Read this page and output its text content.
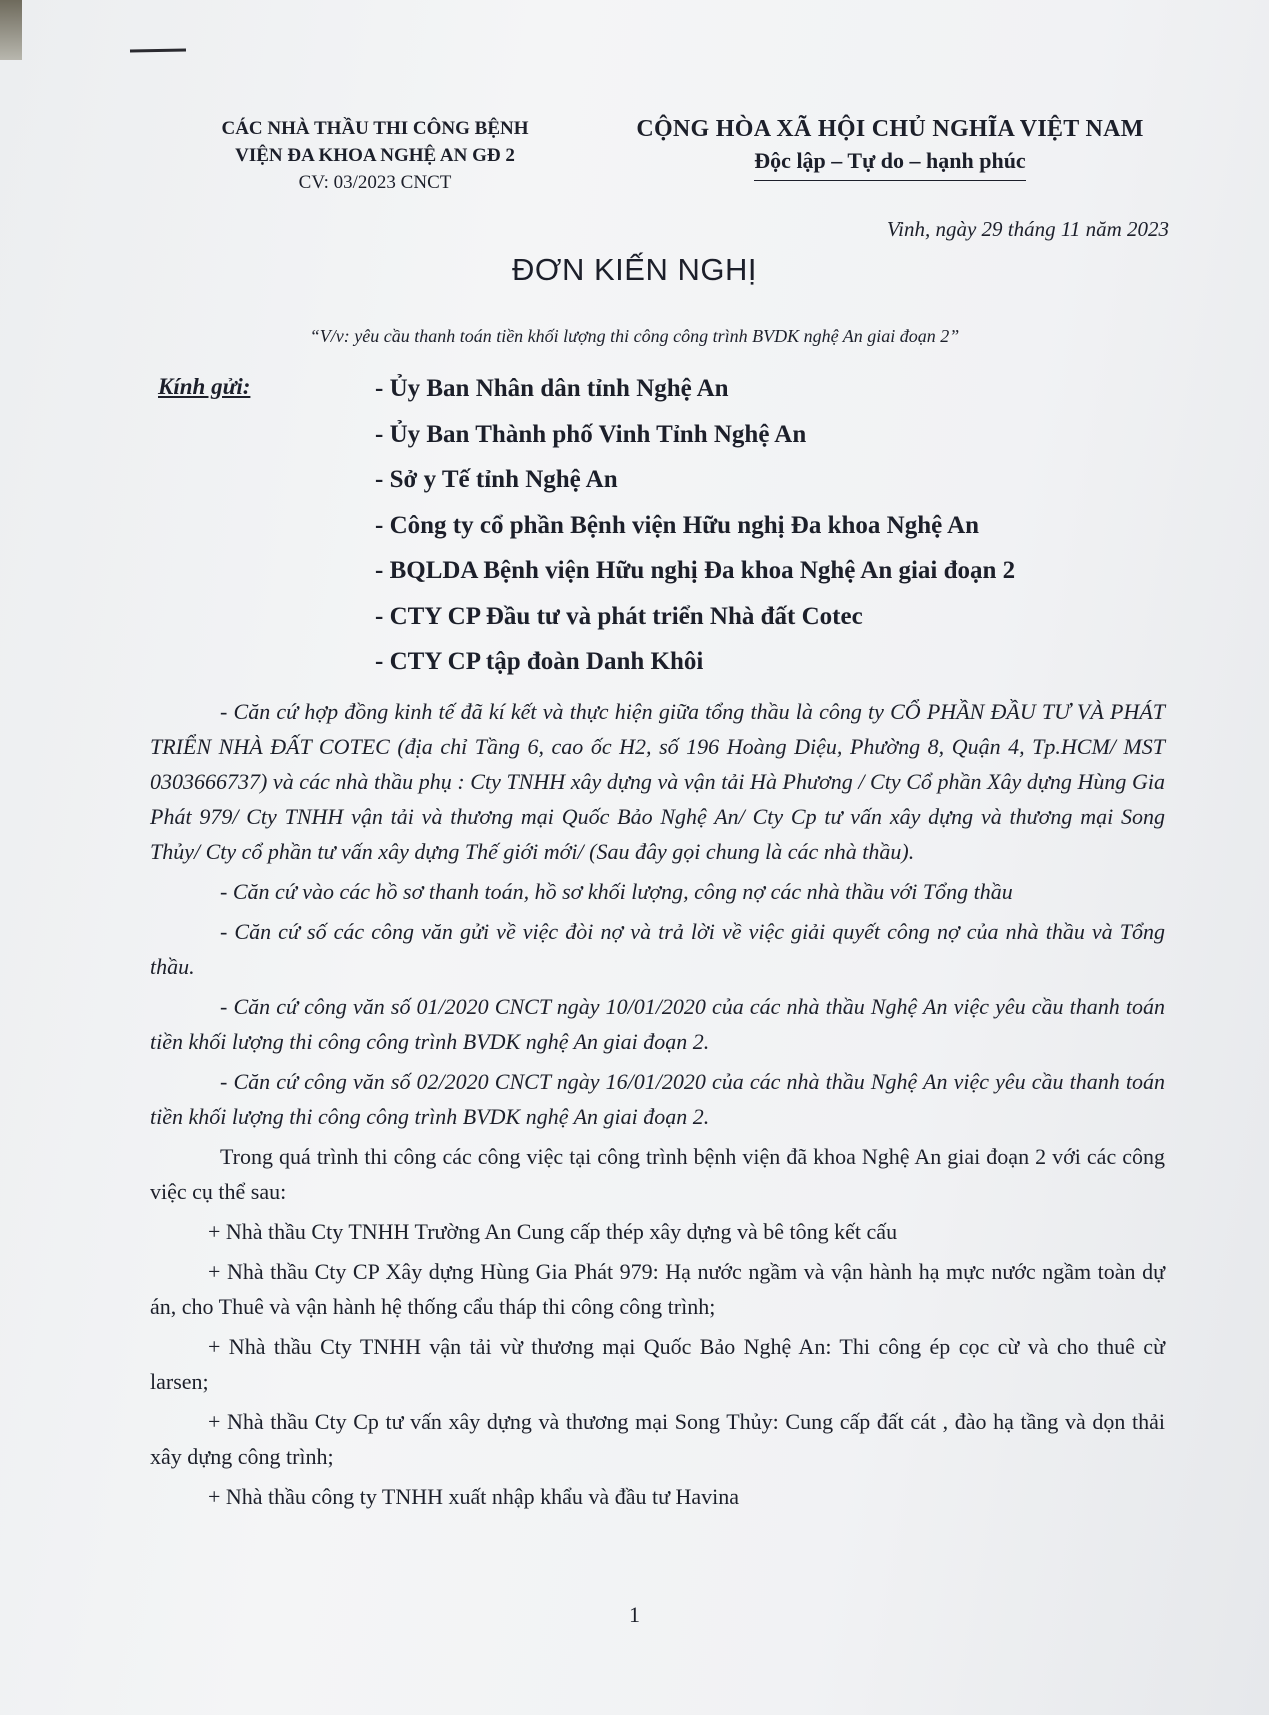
CÁC NHÀ THẦU THI CÔNG BỆNH
VIỆN ĐA KHOA NGHỆ AN GĐ 2
CV: 03/2023 CNCT
CỘNG HÒA XÃ HỘI CHỦ NGHĨA VIỆT NAM
Độc lập – Tự do – hạnh phúc
Vinh, ngày 29 tháng 11 năm 2023
ĐƠN KIẾN NGHỊ
“V/v: yêu cầu thanh toán tiền khối lượng thi công công trình BVDK nghệ An giai đoạn 2”
Kính gửi:	- Ủy Ban Nhân dân tỉnh Nghệ An
- Ủy Ban Thành phố Vinh Tỉnh Nghệ An
- Sở y Tế tỉnh Nghệ An
- Công ty cổ phần Bệnh viện Hữu nghị Đa khoa Nghệ An
- BQLDA Bệnh viện Hữu nghị Đa khoa Nghệ An giai đoạn 2
- CTY CP Đầu tư và phát triển Nhà đất Cotec
- CTY CP tập đoàn Danh Khôi

- Căn cứ hợp đồng kinh tế đã kí kết và thực hiện giữa tổng thầu là công ty CỔ PHẦN ĐẦU TƯ VÀ PHÁT TRIỂN NHÀ ĐẤT COTEC (địa chỉ Tầng 6, cao ốc H2, số 196 Hoàng Diệu, Phường 8, Quận 4, Tp.HCM/ MST 0303666737) và các nhà thầu phụ : Cty TNHH xây dựng và vận tải Hà Phương / Cty Cổ phần Xây dựng Hùng Gia Phát 979/ Cty TNHH vận tải và thương mại Quốc Bảo Nghệ An/ Cty Cp tư vấn xây dựng và thương mại Song Thủy/ Cty cổ phần tư vấn xây dựng Thế giới mới/ (Sau đây gọi chung là các nhà thầu).

- Căn cứ vào các hồ sơ thanh toán, hồ sơ khối lượng, công nợ các nhà thầu với Tổng thầu

- Căn cứ số các công văn gửi về việc đòi nợ và trả lời về việc giải quyết công nợ của nhà thầu và Tổng thầu.

- Căn cứ công văn số 01/2020 CNCT ngày 10/01/2020 của các nhà thầu Nghệ An việc yêu cầu thanh toán tiền khối lượng thi công công trình BVDK nghệ An giai đoạn 2.

- Căn cứ công văn số 02/2020 CNCT ngày 16/01/2020 của các nhà thầu Nghệ An việc yêu cầu thanh toán tiền khối lượng thi công công trình BVDK nghệ An giai đoạn 2.

Trong quá trình thi công các công việc tại công trình bệnh viện đã khoa Nghệ An giai đoạn 2 với các công việc cụ thể sau:

+ Nhà thầu Cty TNHH Trường An Cung cấp thép xây dựng và bê tông kết cấu

+ Nhà thầu Cty CP Xây dựng Hùng Gia Phát 979: Hạ nước ngầm và vận hành hạ mực nước ngầm toàn dự án, cho Thuê và vận hành hệ thống cẩu tháp thi công công trình;

+ Nhà thầu Cty TNHH vận tải vừ thương mại Quốc Bảo Nghệ An: Thi công ép cọc cừ và cho thuê cừ larsen;

+ Nhà thầu Cty Cp tư vấn xây dựng và thương mại Song Thủy: Cung cấp đất cát , đào hạ tầng và dọn thải xây dựng công trình;

+ Nhà thầu công ty TNHH xuất nhập khẩu và đầu tư Havina

1
